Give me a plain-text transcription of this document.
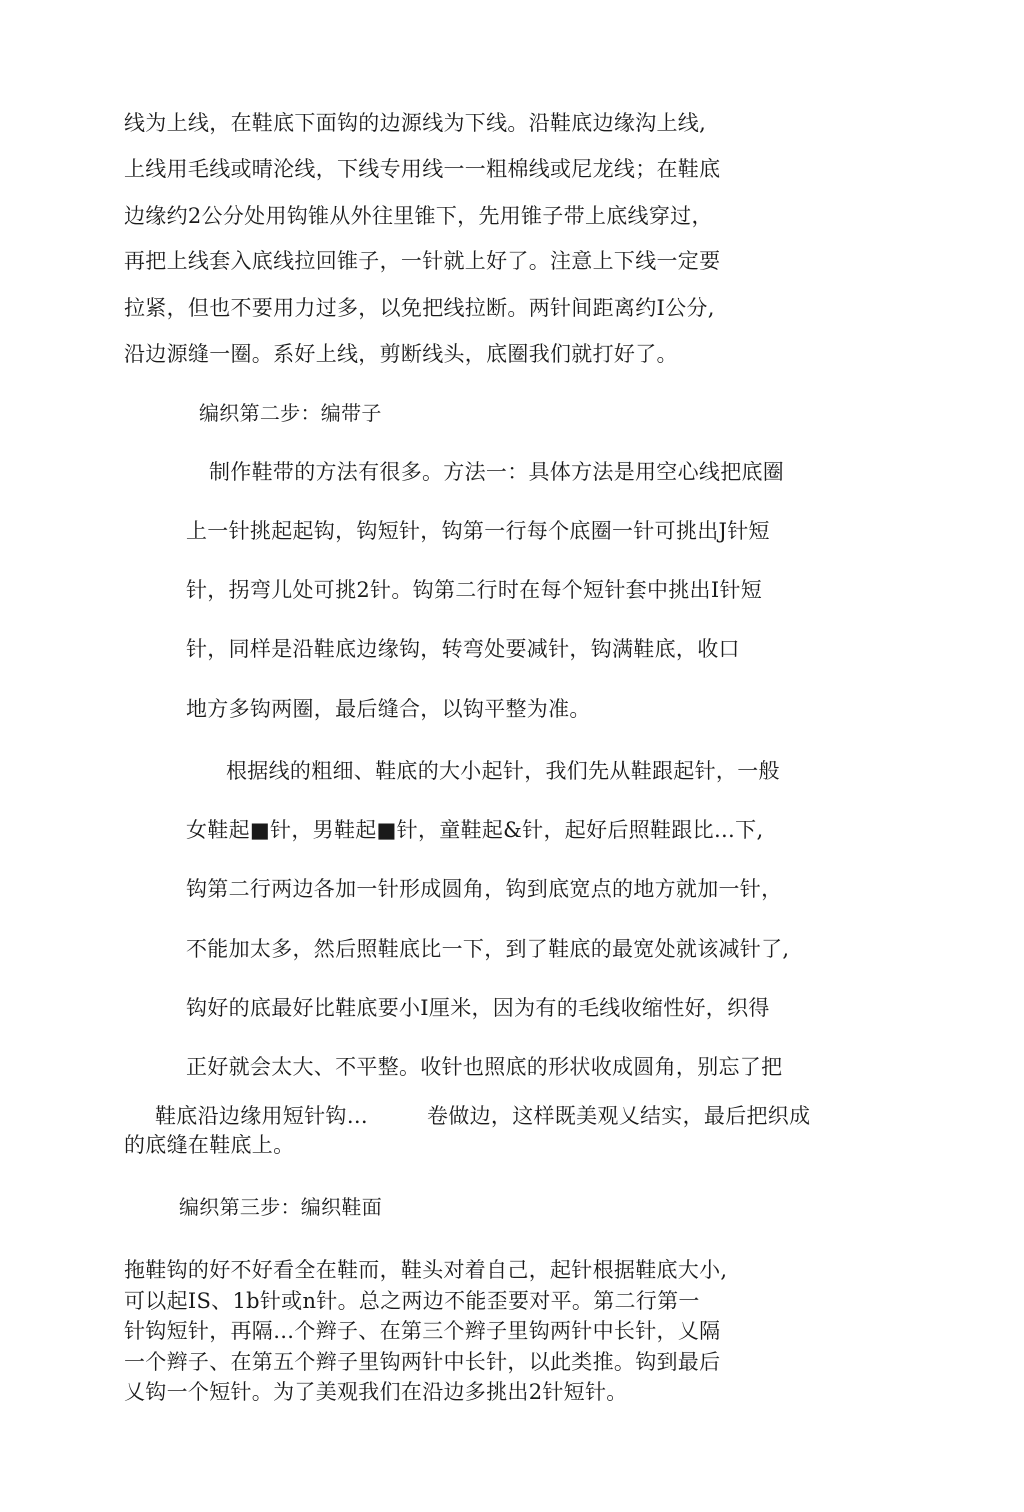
线为上线，在鞋底下面钩的边源线为下线。沿鞋底边缘沟上线,
上线用毛线或晴沦线，下线专用线一一粗棉线或尼龙线；在鞋底
边缘约2公分处用钩锥从外往里锥下，先用锥子带上底线穿过，
再把上线套入底线拉回锥子，一针就上好了。注意上下线一定要
拉紧，但也不要用力过多，以免把线拉断。两针间距离约I公分,
沿边源缝一圈。系好上线，剪断线头，底圈我们就打好了。
编织第二步：编带子
制作鞋带的方法有很多。方法一：具体方法是用空心线把底圈
上一针挑起起钩，钩短针，钩第一行每个底圈一针可挑出J针短
针，拐弯儿处可挑2针。钩第二行时在每个短针套中挑出I针短
针，同样是沿鞋底边缘钩，转弯处要减针，钩满鞋底，收口
地方多钩两圈，最后缝合，以钩平整为准。
根据线的粗细、鞋底的大小起针，我们先从鞋跟起针，一般
女鞋起■针，男鞋起■针，童鞋起&针，起好后照鞋跟比…下,
钩第二行两边各加一针形成圆角，钩到底宽点的地方就加一针，
不能加太多，然后照鞋底比一下，到了鞋底的最宽处就该减针了,
钩好的底最好比鞋底要小I厘米，因为有的毛线收缩性好，织得
正好就会太大、不平整。收针也照底的形状收成圆角，别忘了把
鞋底沿边缘用短针钩…	卷做边，这样既美观乂结实，最后把织成
的底缝在鞋底上。
编织第三步：编织鞋面
拖鞋钩的好不好看全在鞋而，鞋头对着自己，起针根据鞋底大小,
可以起IS、1b针或n针。总之两边不能歪要对平。第二行第一
针钩短针，再隔…个辫子、在第三个辫子里钩两针中长针，乂隔
一个辫子、在第五个辫子里钩两针中长针，以此类推。钩到最后
乂钩一个短针。为了美观我们在沿边多挑出2针短针。
